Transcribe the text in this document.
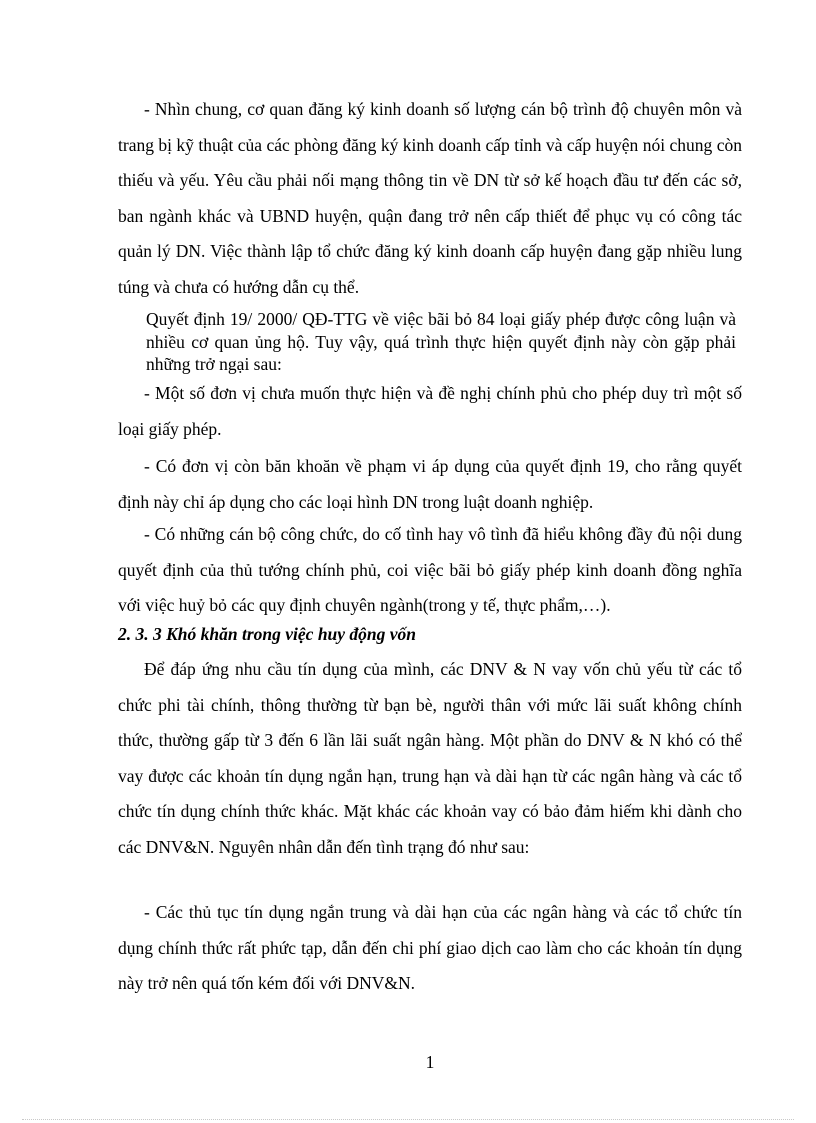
- Nhìn chung, cơ quan đăng ký kinh doanh số lượng cán bộ trình độ chuyên môn và trang bị kỹ thuật của các phòng đăng ký kinh doanh cấp tỉnh và cấp huyện nói chung còn thiếu và yếu. Yêu cầu phải nối mạng thông tin về DN từ sở kế hoạch đầu tư đến các sở, ban ngành khác và UBND huyện, quận đang trở nên cấp thiết để phục vụ có công tác quản lý DN. Việc thành lập tổ chức đăng ký kinh doanh cấp huyện đang gặp nhiều lung túng và chưa có hướng dẫn cụ thể.

Quyết định 19/ 2000/ QĐ-TTG về việc bãi bỏ 84 loại giấy phép được công luận và nhiều cơ quan ủng hộ. Tuy vậy, quá trình thực hiện quyết định này còn gặp phải những trở ngại sau:

- Một số đơn vị chưa muốn thực hiện và đề nghị chính phủ cho phép duy trì một số loại giấy phép.

- Có đơn vị còn băn khoăn về phạm vi áp dụng của quyết định 19, cho rằng quyết định này chỉ áp dụng cho các loại hình DN trong luật doanh nghiệp.

- Có những cán bộ công chức, do cố tình hay vô tình đã hiểu không đầy đủ nội dung quyết định của thủ tướng chính phủ, coi việc bãi bỏ giấy phép kinh doanh đồng nghĩa với việc huỷ bỏ các quy định chuyên ngành(trong y tế, thực phẩm,…).

2. 3. 3 Khó khăn trong việc huy động vốn

Để đáp ứng nhu cầu tín dụng của mình, các DNV & N vay vốn chủ yếu từ các tổ chức phi tài chính, thông thường từ bạn bè, người thân với mức lãi suất không chính thức, thường gấp từ 3 đến 6 lần lãi suất ngân hàng. Một phần do DNV & N khó có thể vay được các khoản tín dụng ngắn hạn, trung hạn và dài hạn từ các ngân hàng và các tổ chức tín dụng chính thức khác. Mặt khác các khoản vay có bảo đảm hiếm khi dành cho các DNV&N. Nguyên nhân dẫn đến tình trạng đó như sau:

- Các thủ tục tín dụng ngắn trung và dài hạn của các ngân hàng và các tổ chức tín dụng chính thức rất phức tạp, dẫn đến chi phí giao dịch cao làm cho các khoản tín dụng này trở nên quá tốn kém đối với DNV&N.

1
